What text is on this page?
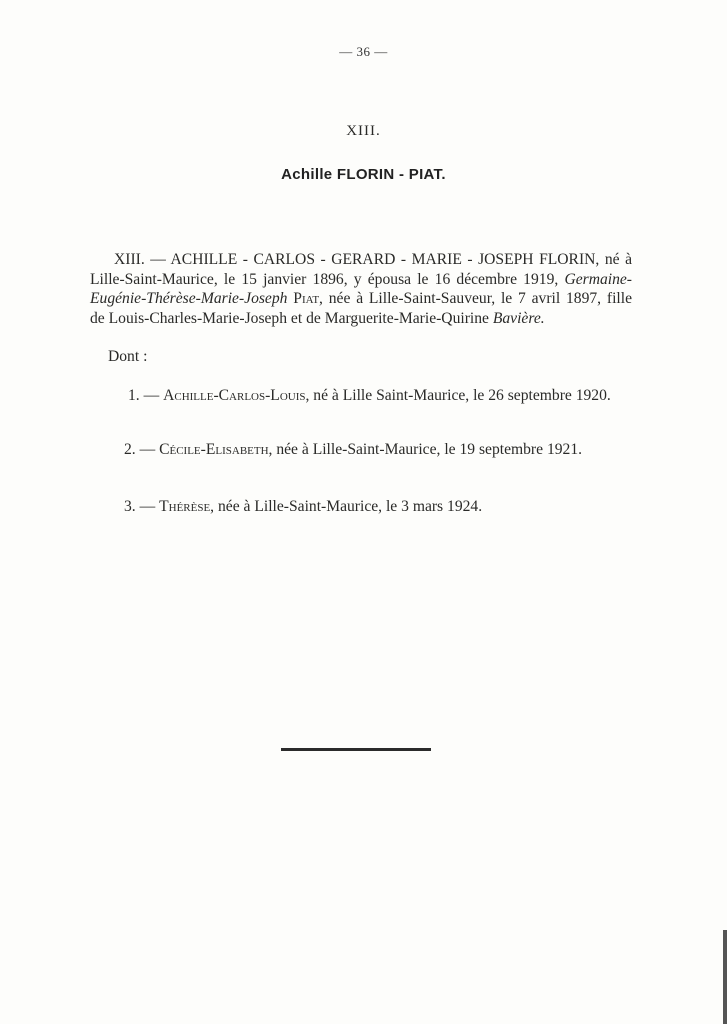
— 36 —
XIII.
Achille FLORIN - PIAT.
XIII. — ACHILLE - CARLOS - GERARD - MARIE - JOSEPH FLORIN, né à Lille-Saint-Maurice, le 15 janvier 1896, y épousa le 16 décembre 1919, Germaine-Eugénie-Thérèse-Marie-Joseph Piat, née à Lille-Saint-Sauveur, le 7 avril 1897, fille de Louis-Charles-Marie-Joseph et de Marguerite-Marie-Quirine Bavière.
Dont :
1. — Achille-Carlos-Louis, né à Lille Saint-Maurice, le 26 septembre 1920.
2. — Cécile-Elisabeth, née à Lille-Saint-Maurice, le 19 septembre 1921.
3. — Thérèse, née à Lille-Saint-Maurice, le 3 mars 1924.
